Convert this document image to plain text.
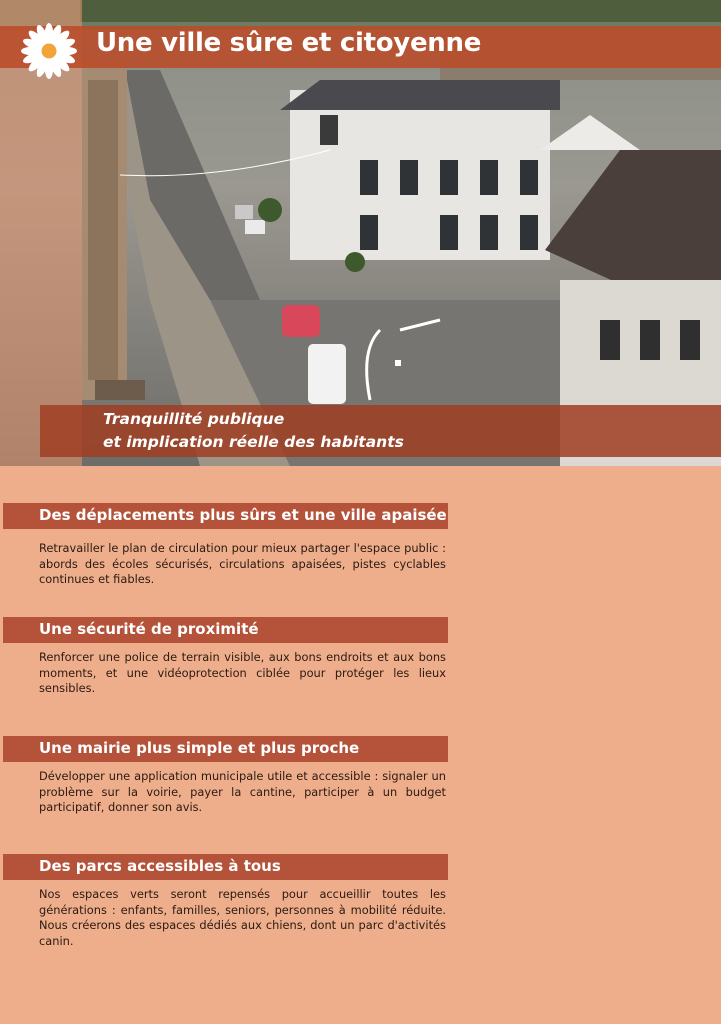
Une ville sûre et citoyenne
Tranquillité publique
et implication réelle des habitants
Des déplacements plus sûrs et une ville apaisée
Retravailler le plan de circulation pour mieux partager l'espace public : abords des écoles sécurisés, circulations apaisées, pistes cyclables continues et fiables.
Une sécurité de proximité
Renforcer une police de terrain visible, aux bons endroits et aux bons moments, et une vidéoprotection ciblée pour protéger les lieux sensibles.
Une mairie plus simple et plus proche
Développer une application municipale utile et accessible : signaler un problème sur la voirie, payer la cantine, participer à un budget participatif, donner son avis.
Des parcs accessibles à tous
Nos espaces verts seront repensés pour accueillir toutes les générations : enfants, familles, seniors, personnes à mobilité réduite. Nous créerons des espaces dédiés aux chiens, dont un parc d'activités canin.
